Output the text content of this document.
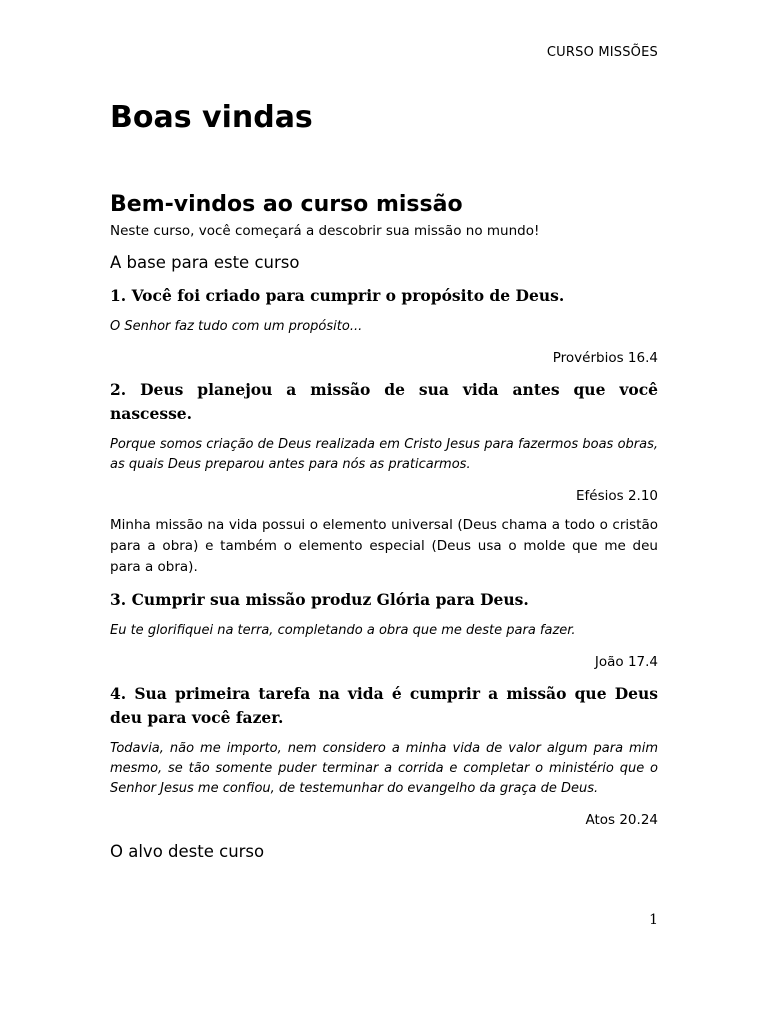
CURSO MISSÕES
Boas vindas
Bem-vindos ao curso missão

Neste curso, você começará a descobrir sua missão no mundo!

A base para este curso
1. Você foi criado para cumprir o propósito de Deus.

O Senhor faz tudo com um propósito...

Provérbios 16.4

2. Deus planejou a missão de sua vida antes que você nascesse.

Porque somos criação de Deus realizada em Cristo Jesus para fazermos boas obras, as quais Deus preparou antes para nós as praticarmos.

Efésios 2.10

Minha missão na vida possui o elemento universal (Deus chama a todo o cristão para a obra) e também o elemento especial (Deus usa o molde que me deu para a obra).

3. Cumprir sua missão produz Glória para Deus.

Eu te glorifiquei na terra, completando a obra que me deste para fazer.

João 17.4

4. Sua primeira tarefa na vida é cumprir a missão que Deus deu para você fazer.

Todavia, não me importo, nem considero a minha vida de valor algum para mim mesmo, se tão somente puder terminar a corrida e completar o ministério que o Senhor Jesus me confiou, de testemunhar do evangelho da graça de Deus.

Atos 20.24

O alvo deste curso
1
